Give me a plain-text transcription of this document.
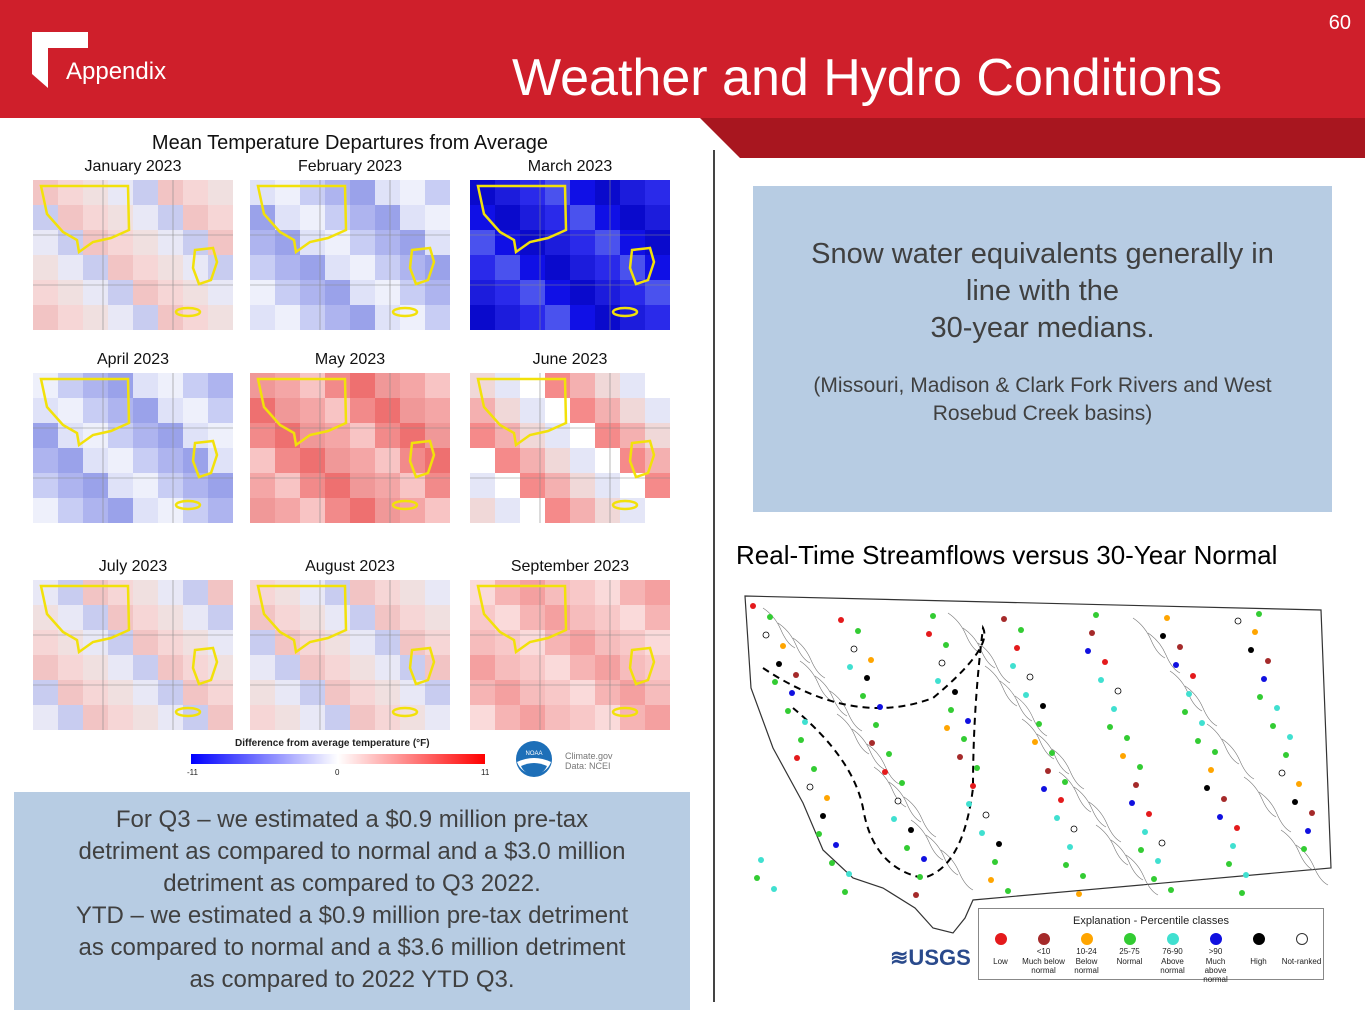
Appendix	Weather and Hydro Conditions
60
Mean Temperature Departures from Average
January 2023	February 2023	March 2023
April 2023	May 2023	June 2023
July 2023	August 2023	September 2023
Difference from average temperature (°F)
-11	0	11
NOAA Climate.gov
Data: NCEI
For Q3 – we estimated a $0.9 million pre-tax
detriment as compared to normal and a $3.0 million
detriment as compared to Q3 2022.
YTD – we estimated a $0.9 million pre-tax detriment
as compared to normal and a $3.6 million detriment
as compared to 2022 YTD Q3.
Snow water equivalents generally in
line with the
30-year medians.
(Missouri, Madison & Clark Fork Rivers and West
Rosebud Creek basins)
Real-Time Streamflows versus 30-Year Normal
Explanation - Percentile classes
Low
<10
Much below normal
10-24
Below normal
25-75
Normal
76-90
Above normal
>90
Much above normal
High	Not-ranked
≋USGS
